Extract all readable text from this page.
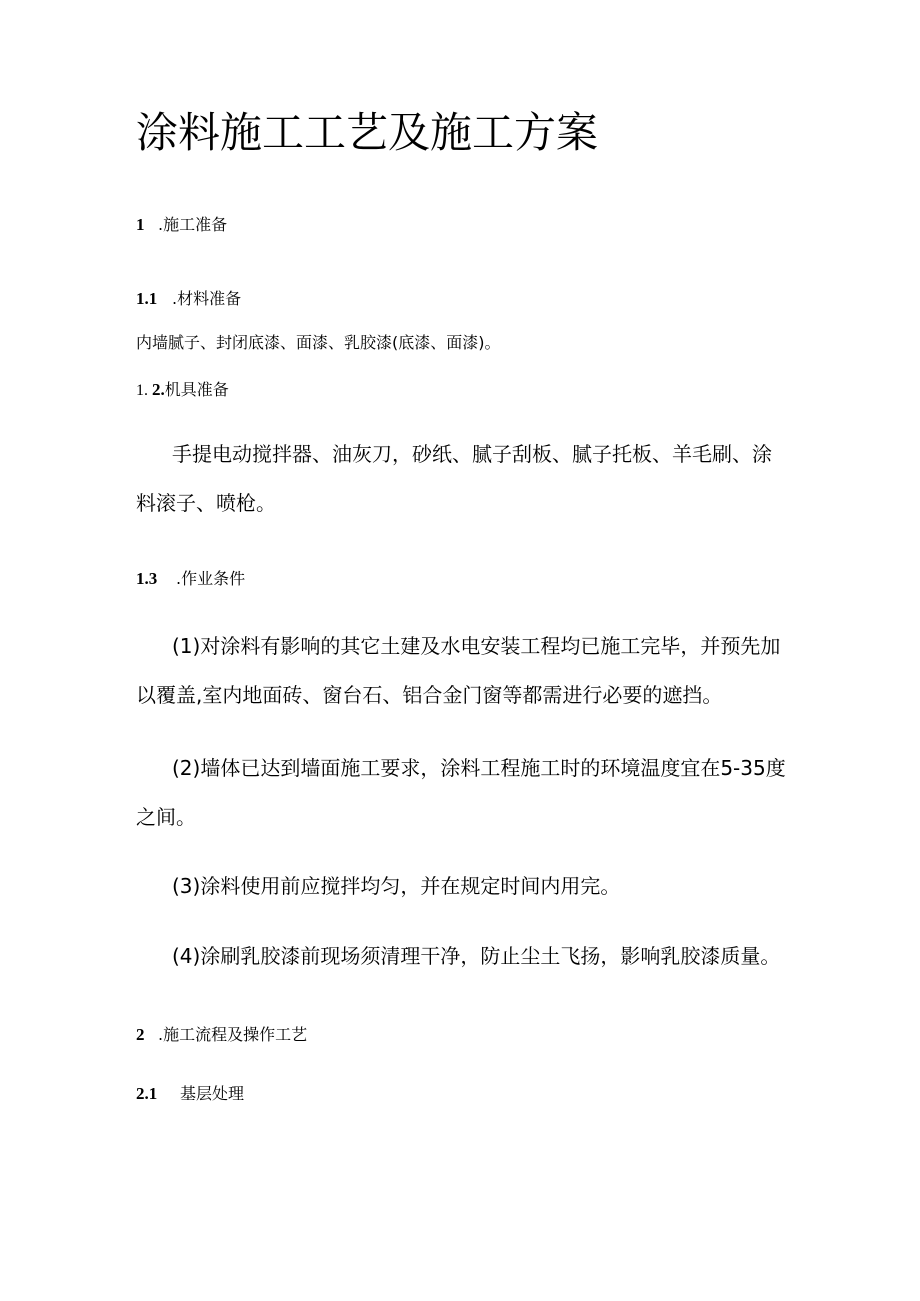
涂料施工工艺及施工方案
1 .施工准备
1.1 .材料准备
内墙腻子、封闭底漆、面漆、乳胶漆(底漆、面漆)。
1. 2.机具准备
手提电动搅拌器、油灰刀，砂纸、腻子刮板、腻子托板、羊毛刷、涂料滚子、喷枪。
1.3 .作业条件
(1)对涂料有影响的其它土建及水电安装工程均已施工完毕，并预先加以覆盖,室内地面砖、窗台石、铝合金门窗等都需进行必要的遮挡。
(2)墙体已达到墙面施工要求，涂料工程施工时的环境温度宜在5-35度之间。
(3)涂料使用前应搅拌均匀，并在规定时间内用完。
(4)涂刷乳胶漆前现场须清理干净，防止尘土飞扬，影响乳胶漆质量。
2 .施工流程及操作工艺
2.1 基层处理
